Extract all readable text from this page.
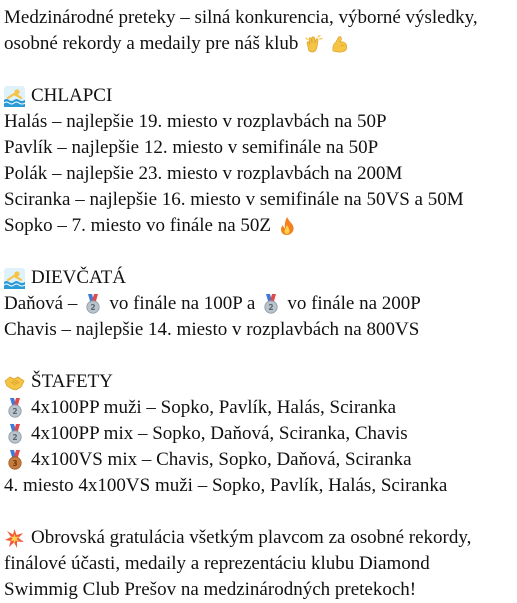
Medzinárodné preteky – silná konkurencia, výborné výsledky,
osobné rekordy a medaily pre náš klub
CHLAPCI
Halás – najlepšie 19. miesto v rozplavbách na 50P
Pavlík – najlepšie 12. miesto v semifinále na 50P
Polák – najlepšie 23. miesto v rozplavbách na 200M
Sciranka – najlepšie 16. miesto v semifinále na 50VS a 50M
Sopko – 7. miesto vo finále na 50Z
DIEVČATÁ
Daňová – 2 vo finále na 100P a 2 vo finále na 200P
Chavis – najlepšie 14. miesto v rozplavbách na 800VS
ŠTAFETY
2 4x100PP muži – Sopko, Pavlík, Halás, Sciranka
2 4x100PP mix – Sopko, Daňová, Sciranka, Chavis
3 4x100VS mix – Chavis, Sopko, Daňová, Sciranka
4. miesto 4x100VS muži – Sopko, Pavlík, Halás, Sciranka
Obrovská gratulácia všetkým plavcom za osobné rekordy,
finálové účasti, medaily a reprezentáciu klubu Diamond
Swimmig Club Prešov na medzinárodných pretekoch!
